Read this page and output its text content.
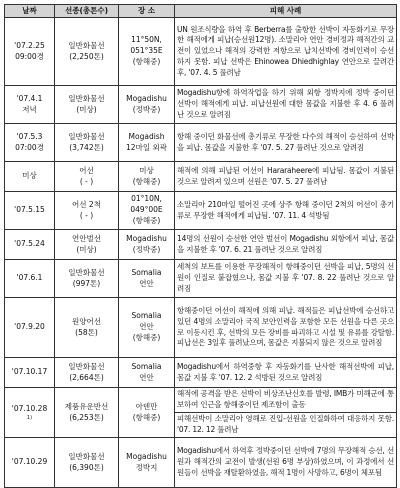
날짜	선종(총톤수)	장 소	피해 사례

'07.2.25
09:00경	일반화물선
(2,250톤)	11°50N,
051°35E
(항해중)	UN 원조식량을 하역 후 Berberra를 출항한 선박이 자동화기로 무장한 해적에게 피납(승선원12명). 소말리아 연안 경비정과 해적간의 교전이 있었으나 해적의 강력한 저항으로 납치선박에 경비인력이 승선하지 못함. 피납 선박은 Ehinowea Dhiedhighlay 연안으로 끌려간 후, '07. 4. 5 풀려남

'07.4.1
저녁	일반화물선
(미상)	Mogadishu
(정박중)	Mogadishu항에 하역작업을 하기 위해 외항 정박지에 정박 중이던 선박이 해적에게 피납. 피납선원에 대한 몸값을 지불한 후 4. 6 풀려난 것으로 알려짐

'07.5.3
07:00경	일반화물선
(3,742톤)	Mogadish
12마일 외곽	항해 중이던 화물선에 총기류로 무장한 다수의 해적이 승선하여 선박을 피납. 몸값을 지불한 후 '07. 5. 27 풀려난 것으로 알려짐

미상	어선
( - )	미상
(항해중)	해적에 의해 피납된 어선이 Hararaheere에 피납됨. 몸값이 지불된 것으로 알려져 있으며 선원은 '07. 5. 27 풀려남

'07.5.15	어선 2척
( - )	01°10N,
049°00E
(항해중)	소말리아 210마일 떨어진 곳에 상주 항해 중이던 2척의 어선이 총기류로 무장한 해적에게 피납됨. '07. 11. 4 석방됨

'07.5.24	연안벌선
(미상)	Mogadishu
(정박중)	14명의 선원이 승선한 연안 벌선이 Mogadishu 외항에서 피납, 몸값을 지불한 후 '07. 6. 21 풀려난 것으로 알려짐

'07.6.1	일반화물선
(997톤)	Somalia
연안	세척의 보트를 이용한 무장해적이 항해중이던 선박을 피납, 5명의 선원이 인질로 붙잡혔으나, 몸값 지불 후 '07. 8. 22 풀려난 것으로 알려짐

'07.9.20	원양어선
(58톤)	Somalia
연안
(항해중)	항해중이던 어선이 해적에 의해 피납. 해적들은 피납선박에 승선하고 있던 4명의 소말리아 국적 보안인력을 포함한 모든 선원을 다른 곳으로 이동시킨 후, 선박의 모든 장비를 파괴하고 시설 및 유류를 강탈함. 피납선은 3일후 풀려났으며, 몸값은 지불되지 않은 것으로 알려짐

'07.10.17	일반화물선
(2,664톤)	Somalia
연안	Mogadishu에서 하역중항 후 자동화기를 난사한 해적선박에 피납, 몸값 지불 후 '07. 12. 2 석방된 것으로 알려짐

'07.10.28
1)	제품유운반선
(6,253톤)	아덴만
(항해중)	해적에 공격을 받은 선박이 비상조난신호를 발령, IMB가 미해군에 통보하여 인근을 항해중이던 제조함이 출동
피해선박이 소말리아 영해로 진입-선원을 인질화하여 대응하지 못함. '07. 12. 12 풀려남

'07.10.29	일반화물선
(6,390톤)	Mogadishu
정박지	Mogadishu에서 하역후 정박중이던 선박에 7명의 무장해적 승선, 선원과 해적간의 교전이 발생(선원 6명 부상)하였으며, 이 과정에서 선원들이 선박을 재탈환하였음, 해적 1명이 사망하고, 6명이 체포됨
